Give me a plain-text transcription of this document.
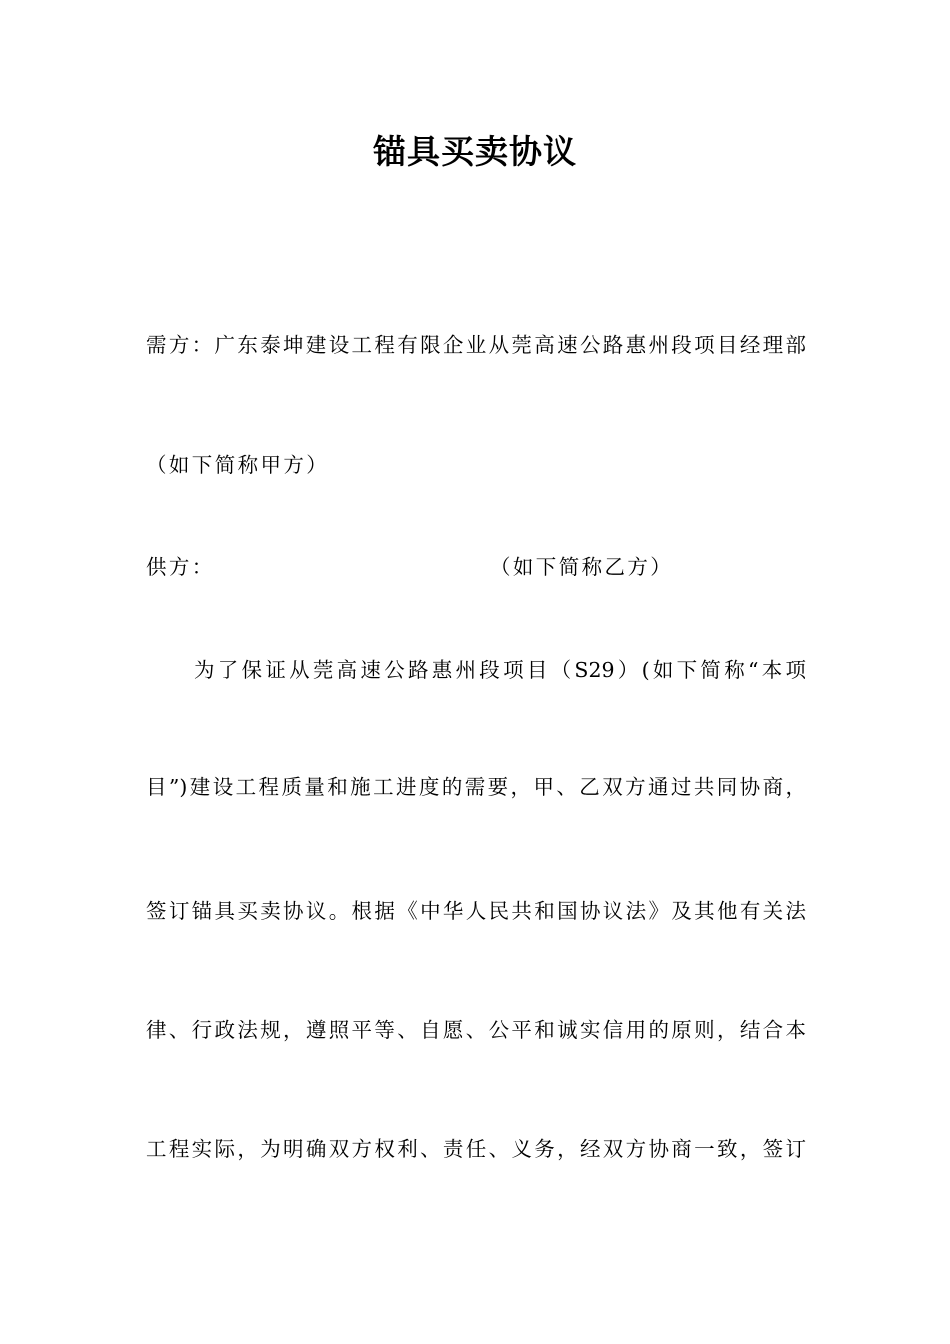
锚具买卖协议
需方：广东泰坤建设工程有限企业从莞高速公路惠州段项目经理部
（如下简称甲方）
供方：	（如下简称乙方）
为了保证从莞高速公路惠州段项目（S29）(如下简称“本项
目”)建设工程质量和施工进度的需要，甲、乙双方通过共同协商，
签订锚具买卖协议。根据《中华人民共和国协议法》及其他有关法
律、行政法规，遵照平等、自愿、公平和诚实信用的原则，结合本
工程实际，为明确双方权利、责任、义务，经双方协商一致，签订
